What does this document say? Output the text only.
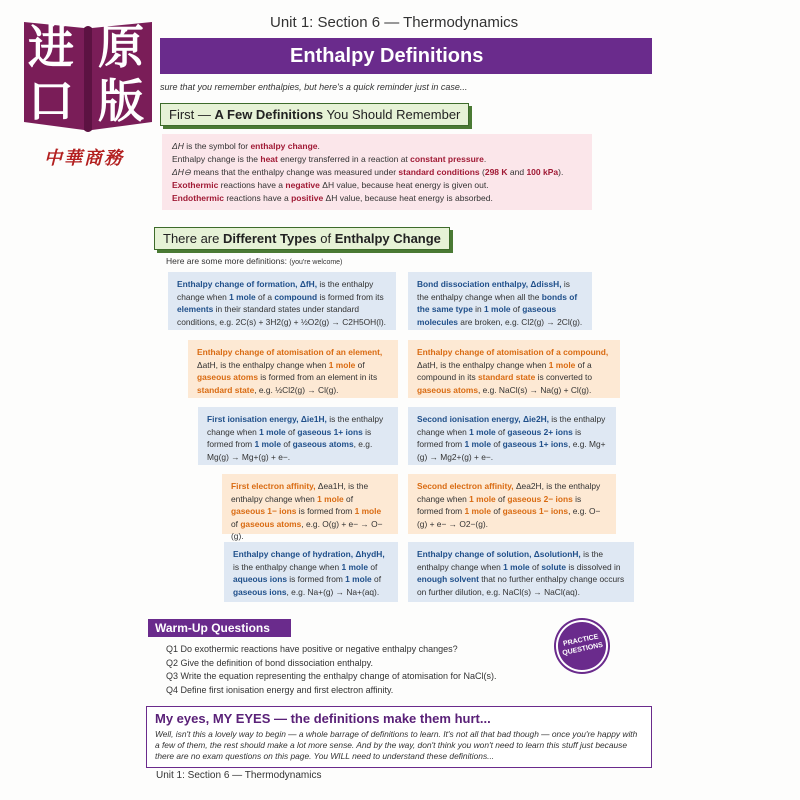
进 原
口 版
中華商務
Unit 1: Section 6 — Thermodynamics
Enthalpy Definitions
sure that you remember enthalpies, but here's a quick reminder just in case...
First — A Few Definitions You Should Remember
ΔH is the symbol for enthalpy change.
Enthalpy change is the heat energy transferred in a reaction at constant pressure.
ΔH⊖ means that the enthalpy change was measured under standard conditions (298 K and 100 kPa).
Exothermic reactions have a negative ΔH value, because heat energy is given out.
Endothermic reactions have a positive ΔH value, because heat energy is absorbed.
There are Different Types of Enthalpy Change
Here are some more definitions: (you're welcome)
Enthalpy change of formation, ΔfH, is the enthalpy change when 1 mole of a compound is formed from its elements in their standard states under standard conditions, e.g. 2C(s) + 3H2(g) + ½O2(g) → C2H5OH(l).
Bond dissociation enthalpy, ΔdissH, is the enthalpy change when all the bonds of the same type in 1 mole of gaseous molecules are broken, e.g. Cl2(g) → 2Cl(g).
Enthalpy change of atomisation of an element, ΔatH, is the enthalpy change when 1 mole of gaseous atoms is formed from an element in its standard state, e.g. ½Cl2(g) → Cl(g).
Enthalpy change of atomisation of a compound, ΔatH, is the enthalpy change when 1 mole of a compound in its standard state is converted to gaseous atoms, e.g. NaCl(s) → Na(g) + Cl(g).
First ionisation energy, Δie1H, is the enthalpy change when 1 mole of gaseous 1+ ions is formed from 1 mole of gaseous atoms, e.g. Mg(g) → Mg+(g) + e−.
Second ionisation energy, Δie2H, is the enthalpy change when 1 mole of gaseous 2+ ions is formed from 1 mole of gaseous 1+ ions, e.g. Mg+(g) → Mg2+(g) + e−.
First electron affinity, Δea1H, is the enthalpy change when 1 mole of gaseous 1− ions is formed from 1 mole of gaseous atoms, e.g. O(g) + e− → O−(g).
Second electron affinity, Δea2H, is the enthalpy change when 1 mole of gaseous 2− ions is formed from 1 mole of gaseous 1− ions, e.g. O−(g) + e− → O2−(g).
Enthalpy change of hydration, ΔhydH, is the enthalpy change when 1 mole of aqueous ions is formed from 1 mole of gaseous ions, e.g. Na+(g) → Na+(aq).
Enthalpy change of solution, ΔsolutionH, is the enthalpy change when 1 mole of solute is dissolved in enough solvent that no further enthalpy change occurs on further dilution, e.g. NaCl(s) → NaCl(aq).
Warm-Up Questions
PRACTICE QUESTIONS
Q1 Do exothermic reactions have positive or negative enthalpy changes?
Q2 Give the definition of bond dissociation enthalpy.
Q3 Write the equation representing the enthalpy change of atomisation for NaCl(s).
Q4 Define first ionisation energy and first electron affinity.
My eyes, MY EYES — the definitions make them hurt...
Well, isn't this a lovely way to begin — a whole barrage of definitions to learn. It's not all that bad though — once you're happy with a few of them, the rest should make a lot more sense. And by the way, don't think you won't need to learn this stuff just because there are no exam questions on this page. You WILL need to understand these definitions...
Unit 1: Section 6 — Thermodynamics
